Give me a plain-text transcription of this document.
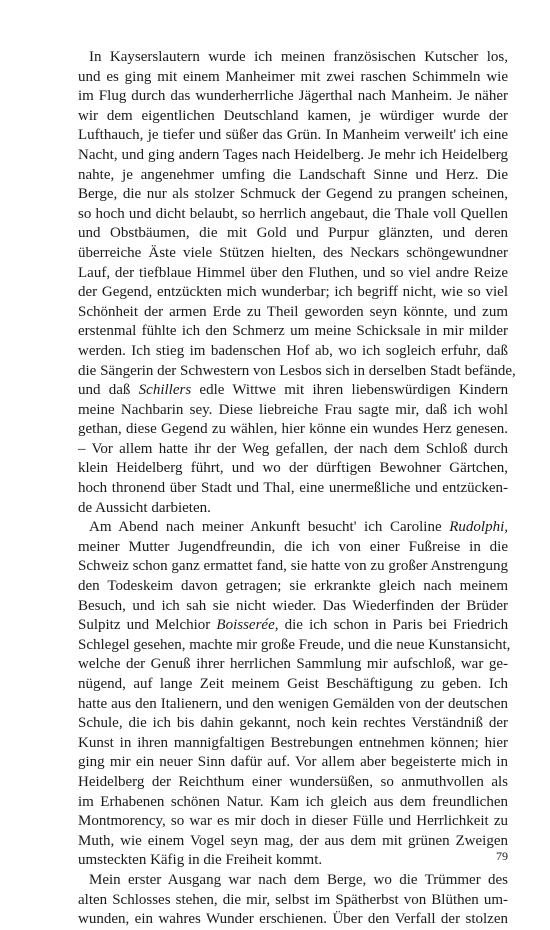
In Kayserslautern wurde ich meinen französischen Kutscher los,
und es ging mit einem Manheimer mit zwei raschen Schimmeln wie
im Flug durch das wunderherrliche Jägerthal nach Manheim. Je näher
wir dem eigentlichen Deutschland kamen, je würdiger wurde der
Lufthauch, je tiefer und süßer das Grün. In Manheim verweilt' ich eine
Nacht, und ging andern Tages nach Heidelberg. Je mehr ich Heidelberg
nahte, je angenehmer umfing die Landschaft Sinne und Herz. Die
Berge, die nur als stolzer Schmuck der Gegend zu prangen scheinen,
so hoch und dicht belaubt, so herrlich angebaut, die Thale voll Quellen
und Obstbäumen, die mit Gold und Purpur glänzten, und deren
überreiche Äste viele Stützen hielten, des Neckars schöngewundner
Lauf, der tiefblaue Himmel über den Fluthen, und so viel andre Reize
der Gegend, entzückten mich wunderbar; ich begriff nicht, wie so viel
Schönheit der armen Erde zu Theil geworden seyn könnte, und zum
erstenmal fühlte ich den Schmerz um meine Schicksale in mir milder
werden. Ich stieg im badenschen Hof ab, wo ich sogleich erfuhr, daß
die Sängerin der Schwestern von Lesbos sich in derselben Stadt befände,
und daß Schillers edle Wittwe mit ihren liebenswürdigen Kindern
meine Nachbarin sey. Diese liebreiche Frau sagte mir, daß ich wohl
gethan, diese Gegend zu wählen, hier könne ein wundes Herz genesen.
– Vor allem hatte ihr der Weg gefallen, der nach dem Schloß durch
klein Heidelberg führt, und wo der dürftigen Bewohner Gärtchen,
hoch thronend über Stadt und Thal, eine unermeßliche und entzücken-
de Aussicht darbieten.
Am Abend nach meiner Ankunft besucht' ich Caroline Rudolphi,
meiner Mutter Jugendfreundin, die ich von einer Fußreise in die
Schweiz schon ganz ermattet fand, sie hatte von zu großer Anstrengung
den Todeskeim davon getragen; sie erkrankte gleich nach meinem
Besuch, und ich sah sie nicht wieder. Das Wiederfinden der Brüder
Sulpitz und Melchior Boisserée, die ich schon in Paris bei Friedrich
Schlegel gesehen, machte mir große Freude, und die neue Kunstansicht,
welche der Genuß ihrer herrlichen Sammlung mir aufschloß, war ge-
nügend, auf lange Zeit meinem Geist Beschäftigung zu geben. Ich
hatte aus den Italienern, und den wenigen Gemälden von der deutschen
Schule, die ich bis dahin gekannt, noch kein rechtes Verständniß der
Kunst in ihren mannigfaltigen Bestrebungen entnehmen können; hier
ging mir ein neuer Sinn dafür auf. Vor allem aber begeisterte mich in
Heidelberg der Reichthum einer wundersüßen, so anmuthvollen als
im Erhabenen schönen Natur. Kam ich gleich aus dem freundlichen
Montmorency, so war es mir doch in dieser Fülle und Herrlichkeit zu
Muth, wie einem Vogel seyn mag, der aus dem mit grünen Zweigen
umsteckten Käfig in die Freiheit kommt.
Mein erster Ausgang war nach dem Berge, wo die Trümmer des
alten Schlosses stehen, die mir, selbst im Spätherbst von Blüthen um-
wunden, ein wahres Wunder erschienen. Über den Verfall der stolzen
79
